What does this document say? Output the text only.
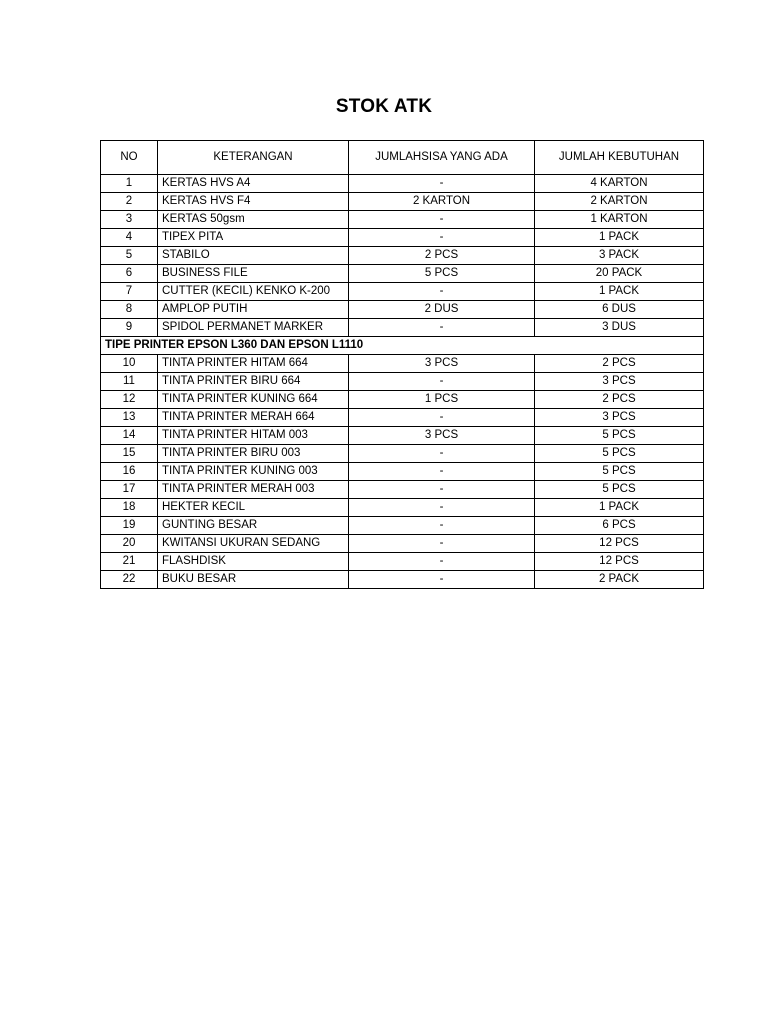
STOK ATK
NO	KETERANGAN	JUMLAHSISA YANG ADA	JUMLAH KEBUTUHAN
1	KERTAS HVS A4	-	4 KARTON
2	KERTAS HVS F4	2 KARTON	2 KARTON
3	KERTAS 50gsm	-	1 KARTON
4	TIPEX PITA	-	1 PACK
5	STABILO	2 PCS	3 PACK
6	BUSINESS FILE	5 PCS	20 PACK
7	CUTTER (KECIL) KENKO K-200	-	1 PACK
8	AMPLOP PUTIH	2 DUS	6 DUS
9	SPIDOL PERMANET MARKER	-	3 DUS
TIPE PRINTER EPSON L360 DAN EPSON L1110			
10	TINTA PRINTER HITAM 664	3 PCS	2 PCS
11	TINTA PRINTER BIRU 664	-	3 PCS
12	TINTA PRINTER KUNING 664	1 PCS	2 PCS
13	TINTA PRINTER MERAH 664	-	3 PCS
14	TINTA PRINTER HITAM 003	3 PCS	5 PCS
15	TINTA PRINTER BIRU 003	-	5 PCS
16	TINTA PRINTER KUNING 003	-	5 PCS
17	TINTA PRINTER MERAH 003	-	5 PCS
18	HEKTER KECIL	-	1 PACK
19	GUNTING BESAR	-	6 PCS
20	KWITANSI UKURAN SEDANG	-	12 PCS
21	FLASHDISK	-	12 PCS
22	BUKU BESAR	-	2 PACK
